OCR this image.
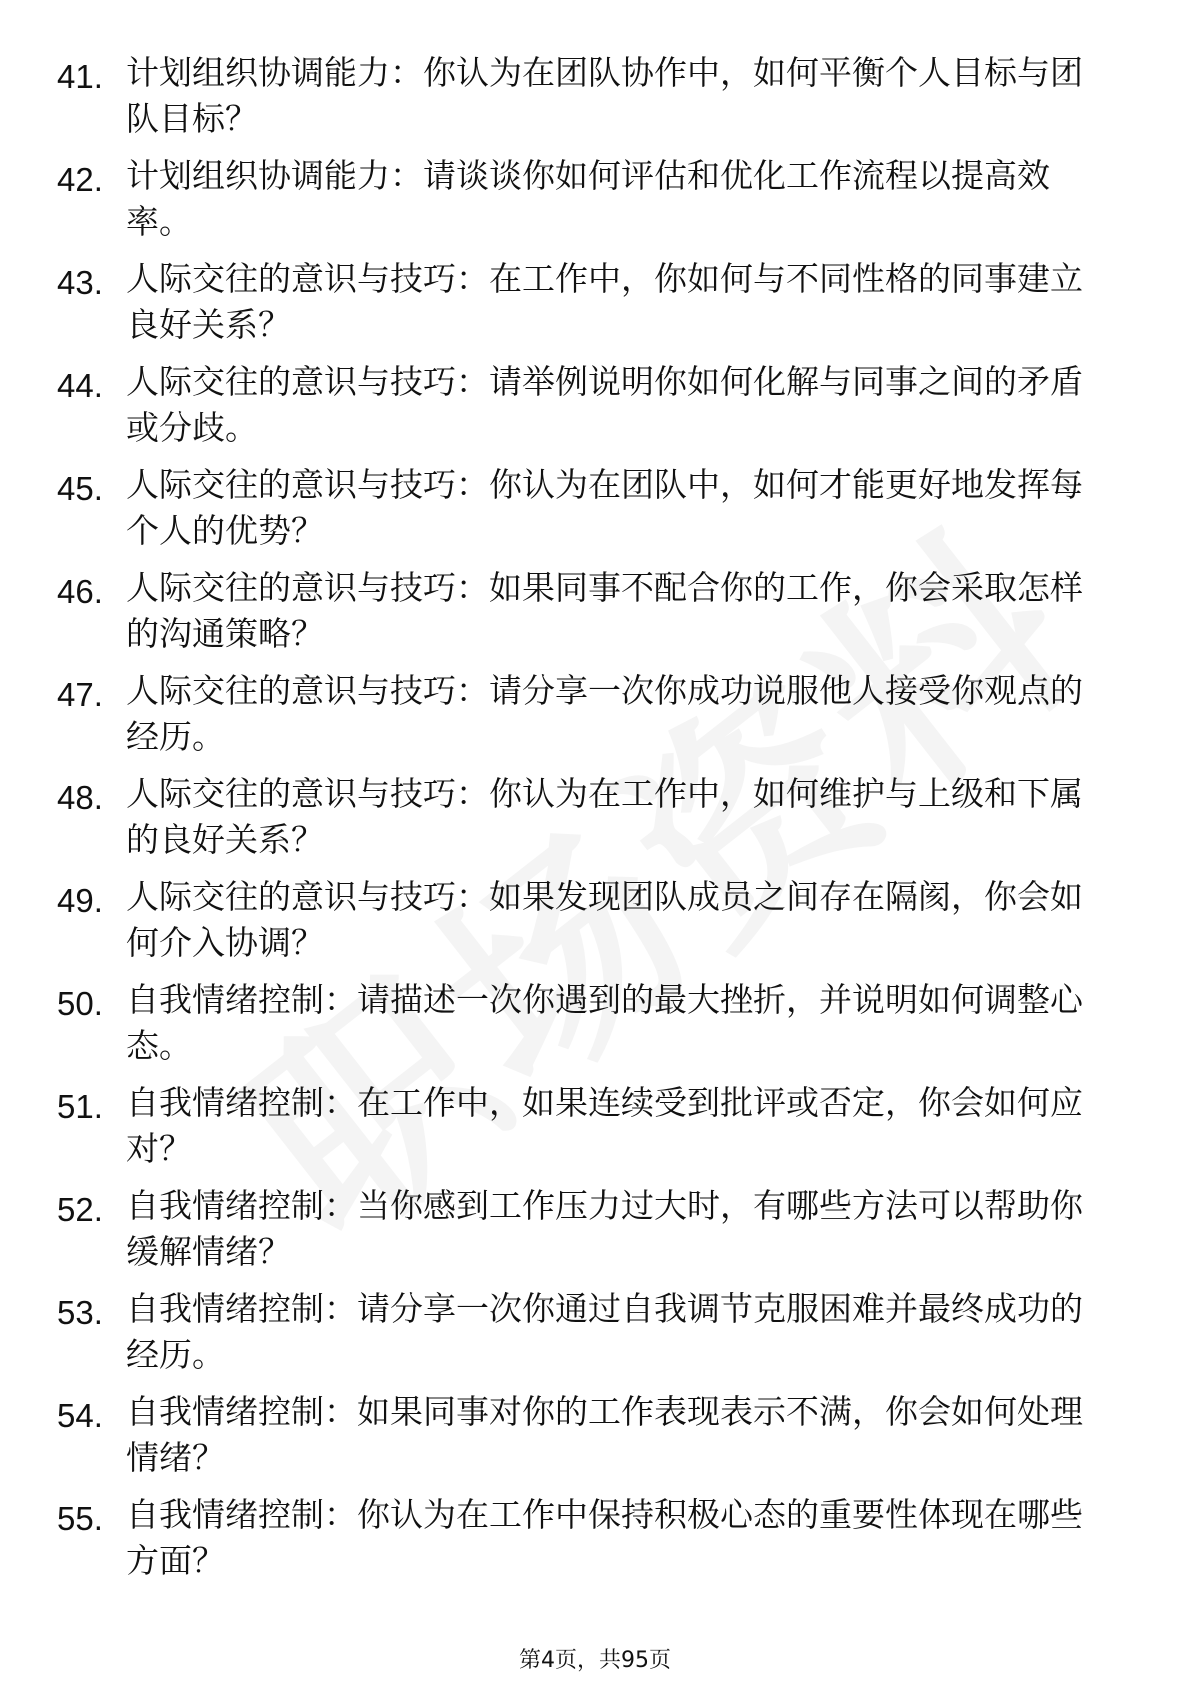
41. 计划组织协调能力：你认为在团队协作中，如何平衡个人目标与团队目标？
42. 计划组织协调能力：请谈谈你如何评估和优化工作流程以提高效率。
43. 人际交往的意识与技巧：在工作中，你如何与不同性格的同事建立良好关系？
44. 人际交往的意识与技巧：请举例说明你如何化解与同事之间的矛盾或分歧。
45. 人际交往的意识与技巧：你认为在团队中，如何才能更好地发挥每个人的优势？
46. 人际交往的意识与技巧：如果同事不配合你的工作，你会采取怎样的沟通策略？
47. 人际交往的意识与技巧：请分享一次你成功说服他人接受你观点的经历。
48. 人际交往的意识与技巧：你认为在工作中，如何维护与上级和下属的良好关系？
49. 人际交往的意识与技巧：如果发现团队成员之间存在隔阂，你会如何介入协调？
50. 自我情绪控制：请描述一次你遇到的最大挫折，并说明如何调整心态。
51. 自我情绪控制：在工作中，如果连续受到批评或否定，你会如何应对？
52. 自我情绪控制：当你感到工作压力过大时，有哪些方法可以帮助你缓解情绪？
53. 自我情绪控制：请分享一次你通过自我调节克服困难并最终成功的经历。
54. 自我情绪控制：如果同事对你的工作表现表示不满，你会如何处理情绪？
55. 自我情绪控制：你认为在工作中保持积极心态的重要性体现在哪些方面？
第4页，共95页
